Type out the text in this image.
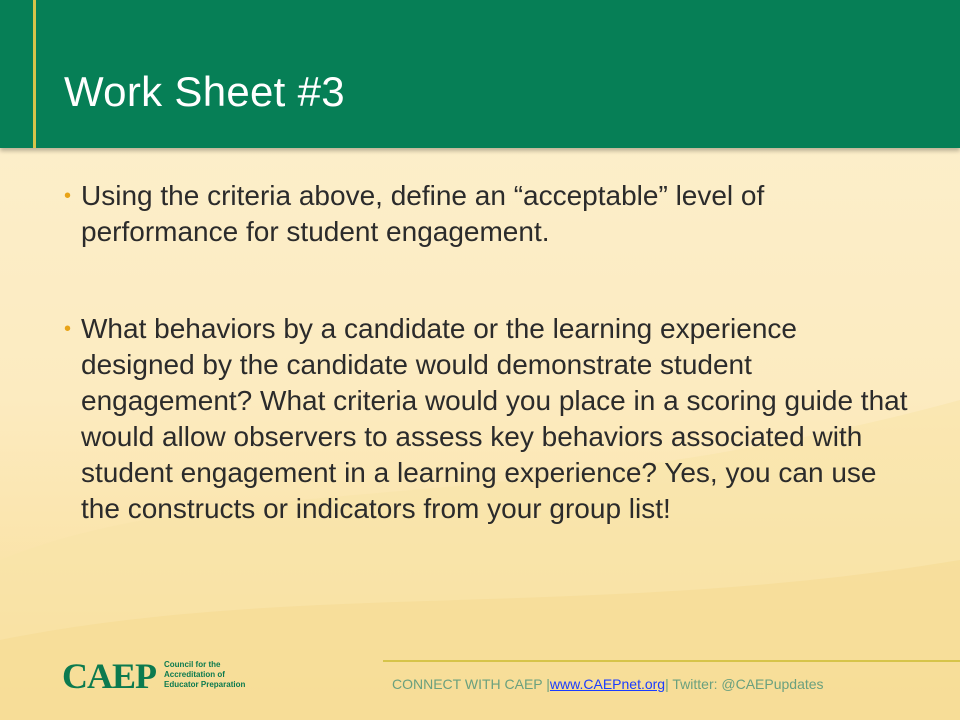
Work Sheet #3
• Using the criteria above, define an “acceptable” level of performance for student engagement.
• What behaviors by a candidate or the learning experience designed by the candidate would demonstrate student engagement? What criteria would you place in a scoring guide that would allow observers to assess key behaviors associated with student engagement in a learning experience? Yes, you can use the constructs or indicators from your group list!
CAEP Council for the
Accreditation of
Educator Preparation	CONNECT WITH CAEP |www.CAEPnet.org| Twitter: @CAEPupdates
